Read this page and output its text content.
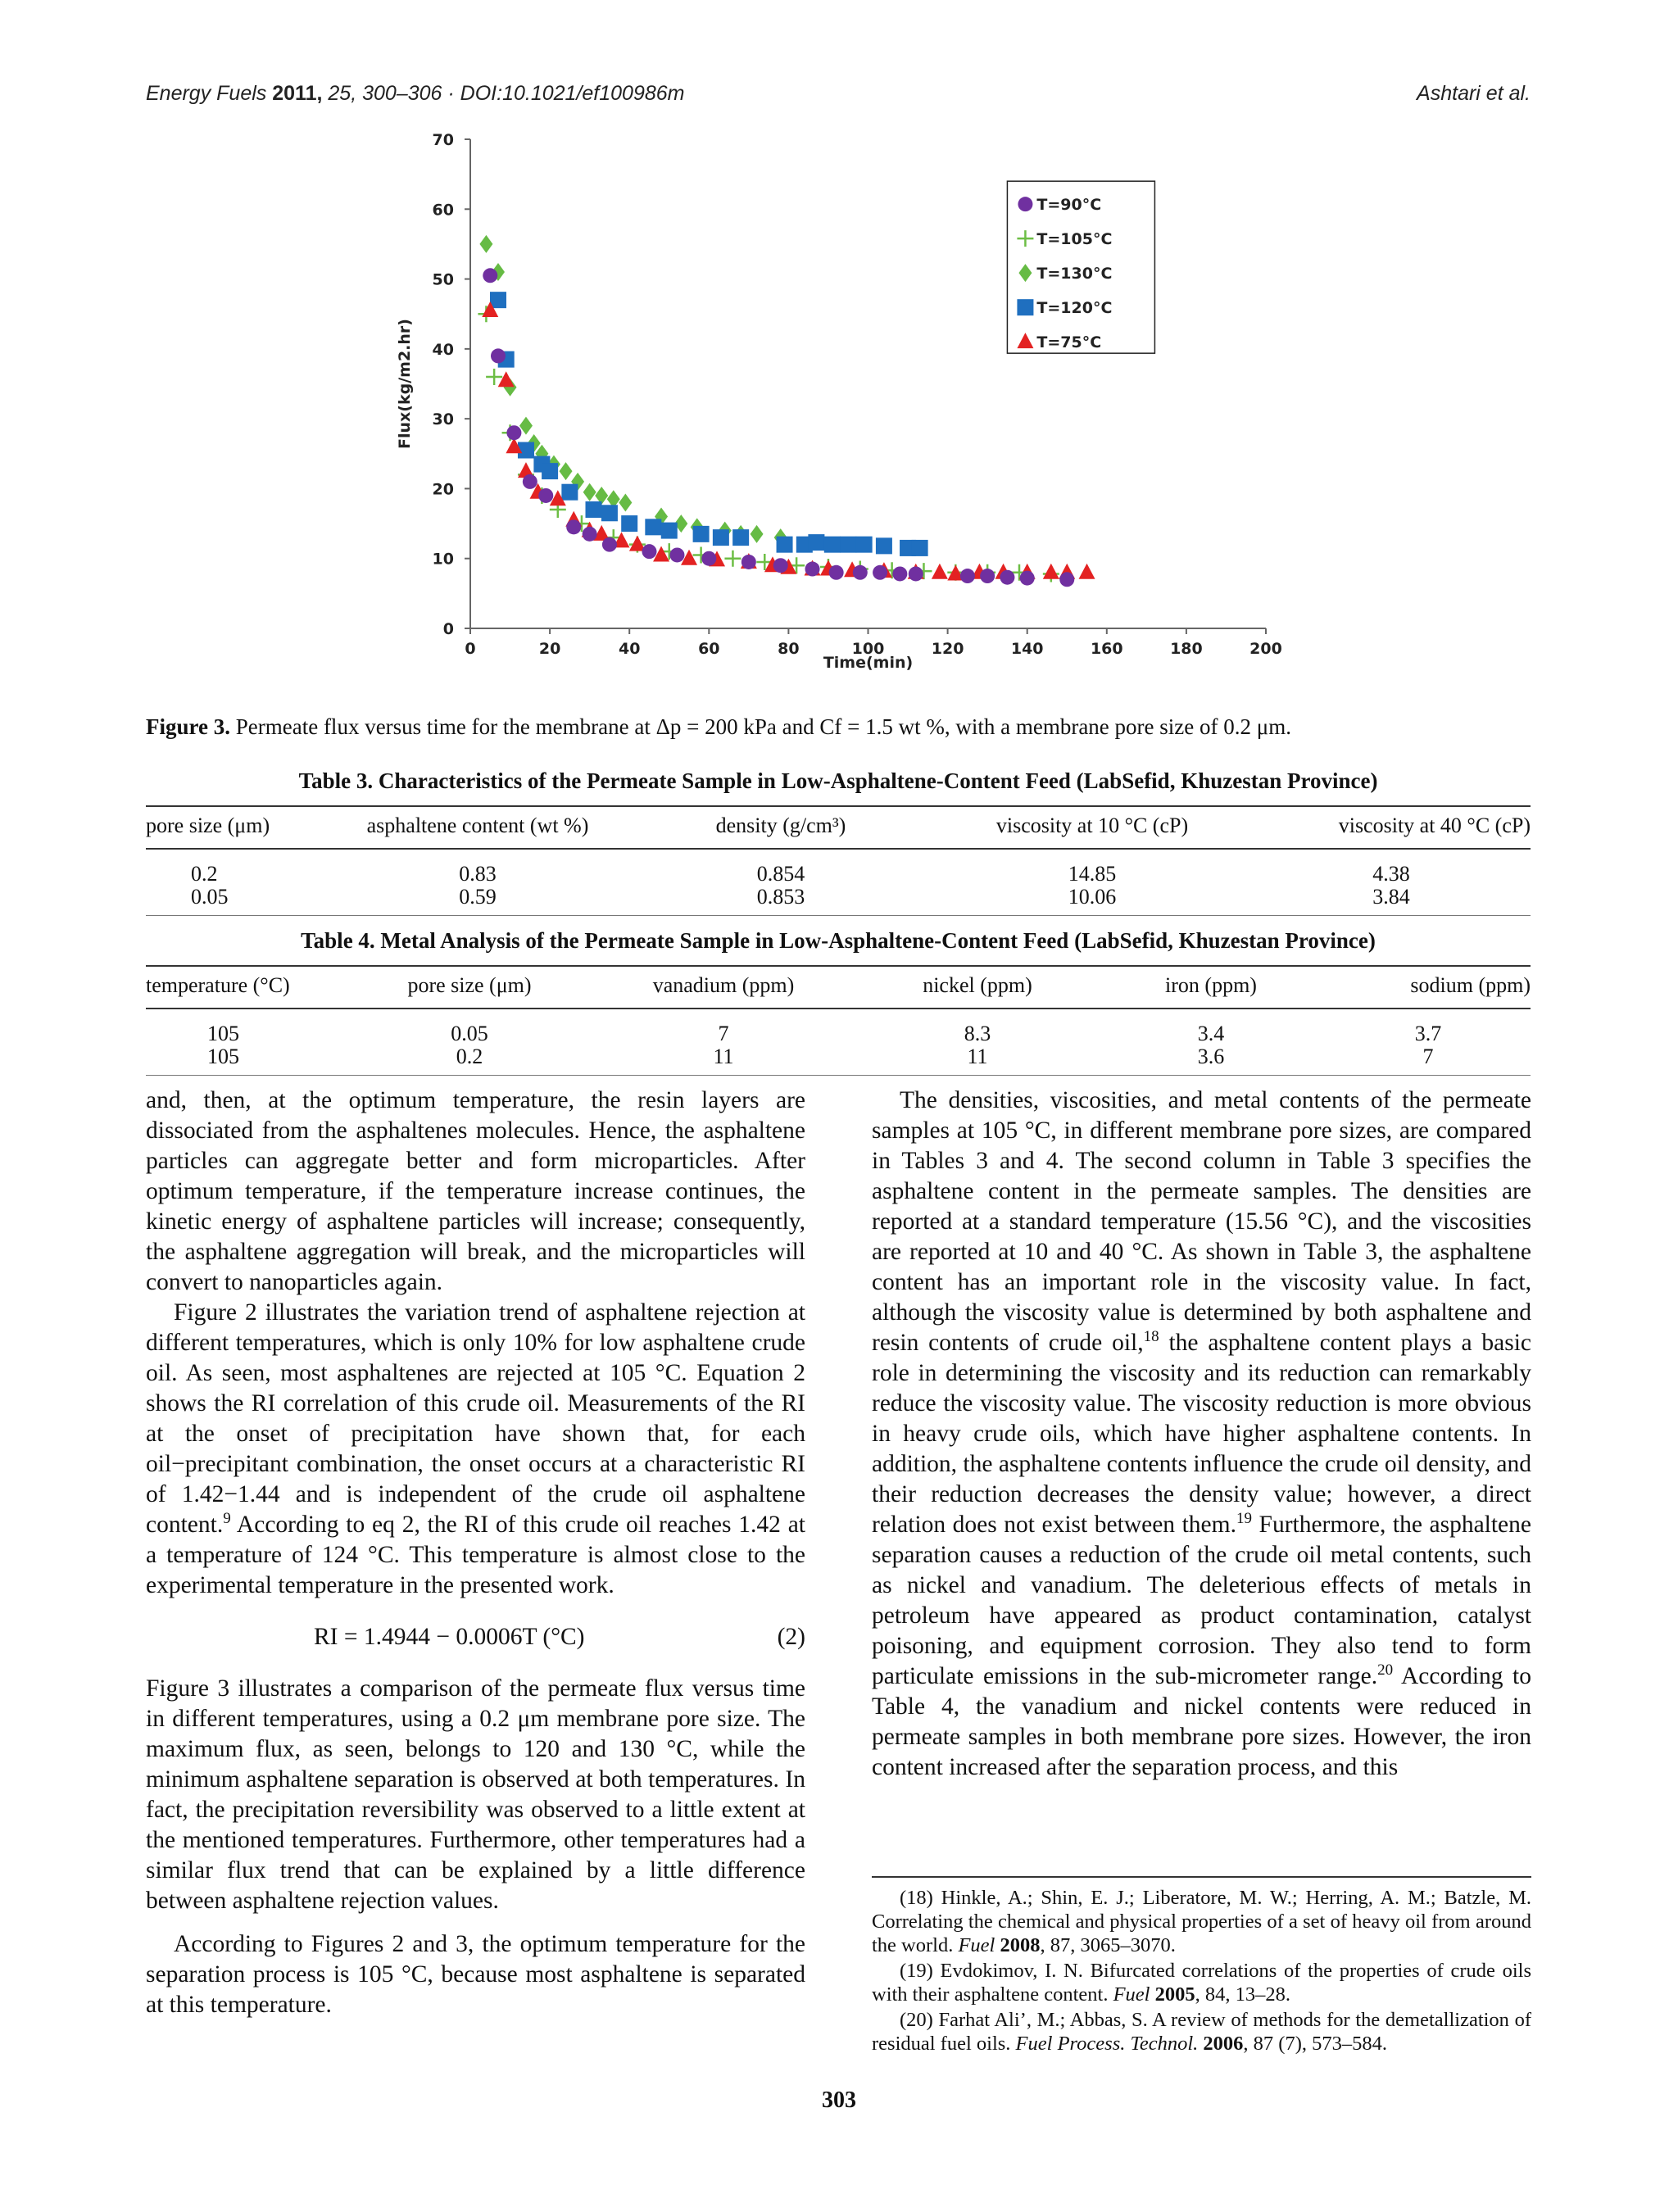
Energy Fuels 2011, 25, 300–306 · DOI:10.1021/ef100986m	Ashtari et al.
0
10
20
30
40
50
60
70
0	20	40	60	80	100	120	140	160	180	200
Time(min)
Flux(kg/m2.hr)
T=90°C
T=105°C
T=130°C
T=120°C
T=75°C
Figure 3. Permeate flux versus time for the membrane at Δp = 200 kPa and Cf = 1.5 wt %, with a membrane pore size of 0.2 μm.
Table 3. Characteristics of the Permeate Sample in Low-Asphaltene-Content Feed (LabSefid, Khuzestan Province)
pore size (μm)	asphaltene content (wt %)	density (g/cm³)	viscosity at 10 °C (cP)	viscosity at 40 °C (cP)
0.2	0.83	0.854	14.85	4.38
0.05	0.59	0.853	10.06	3.84
Table 4. Metal Analysis of the Permeate Sample in Low-Asphaltene-Content Feed (LabSefid, Khuzestan Province)
temperature (°C)	pore size (μm)	vanadium (ppm)	nickel (ppm)	iron (ppm)	sodium (ppm)
105	0.05	7	8.3	3.4	3.7
105	0.2	11	11	3.6	7

and, then, at the optimum temperature, the resin layers are dissociated from the asphaltenes molecules. Hence, the asphaltene particles can aggregate better and form microparticles. After optimum temperature, if the temperature increase continues, the kinetic energy of asphaltene particles will increase; consequently, the asphaltene aggregation will break, and the microparticles will convert to nanoparticles again.

Figure 2 illustrates the variation trend of asphaltene rejection at different temperatures, which is only 10% for low asphaltene crude oil. As seen, most asphaltenes are rejected at 105 °C. Equation 2 shows the RI correlation of this crude oil. Measurements of the RI at the onset of precipitation have shown that, for each oil−precipitant combination, the onset occurs at a characteristic RI of 1.42−1.44 and is independent of the crude oil asphaltene content.$^9$ According to eq 2, the RI of this crude oil reaches 1.42 at a temperature of 124 °C. This temperature is almost close to the experimental temperature in the presented work.

RI = 1.4944 − 0.0006T (°C)	(2)

Figure 3 illustrates a comparison of the permeate flux versus time in different temperatures, using a 0.2 μm membrane pore size. The maximum flux, as seen, belongs to 120 and 130 °C, while the minimum asphaltene separation is observed at both temperatures. In fact, the precipitation reversibility was observed to a little extent at the mentioned temperatures. Furthermore, other temperatures had a similar flux trend that can be explained by a little difference between asphaltene rejection values.

According to Figures 2 and 3, the optimum temperature for the separation process is 105 °C, because most asphaltene is separated at this temperature.

The densities, viscosities, and metal contents of the permeate samples at 105 °C, in different membrane pore sizes, are compared in Tables 3 and 4. The second column in Table 3 specifies the asphaltene content in the permeate samples. The densities are reported at a standard temperature (15.56 °C), and the viscosities are reported at 10 and 40 °C. As shown in Table 3, the asphaltene content has an important role in the viscosity value. In fact, although the viscosity value is determined by both asphaltene and resin contents of crude oil,$^{18}$ the asphaltene content plays a basic role in determining the viscosity and its reduction can remarkably reduce the viscosity value. The viscosity reduction is more obvious in heavy crude oils, which have higher asphaltene contents. In addition, the asphaltene contents influence the crude oil density, and their reduction decreases the density value; however, a direct relation does not exist between them.$^{19}$ Furthermore, the asphaltene separation causes a reduction of the crude oil metal contents, such as nickel and vanadium. The deleterious effects of metals in petroleum have appeared as product contamination, catalyst poisoning, and equipment corrosion. They also tend to form particulate emissions in the sub-micrometer range.$^{20}$ According to Table 4, the vanadium and nickel contents were reduced in permeate samples in both membrane pore sizes. However, the iron content increased after the separation process, and this

(18) Hinkle, A.; Shin, E. J.; Liberatore, M. W.; Herring, A. M.; Batzle, M. Correlating the chemical and physical properties of a set of heavy oil from around the world. Fuel 2008, 87, 3065–3070.

(19) Evdokimov, I. N. Bifurcated correlations of the properties of crude oils with their asphaltene content. Fuel 2005, 84, 13–28.

(20) Farhat Ali’, M.; Abbas, S. A review of methods for the demetallization of residual fuel oils. Fuel Process. Technol. 2006, 87 (7), 573–584.

303
